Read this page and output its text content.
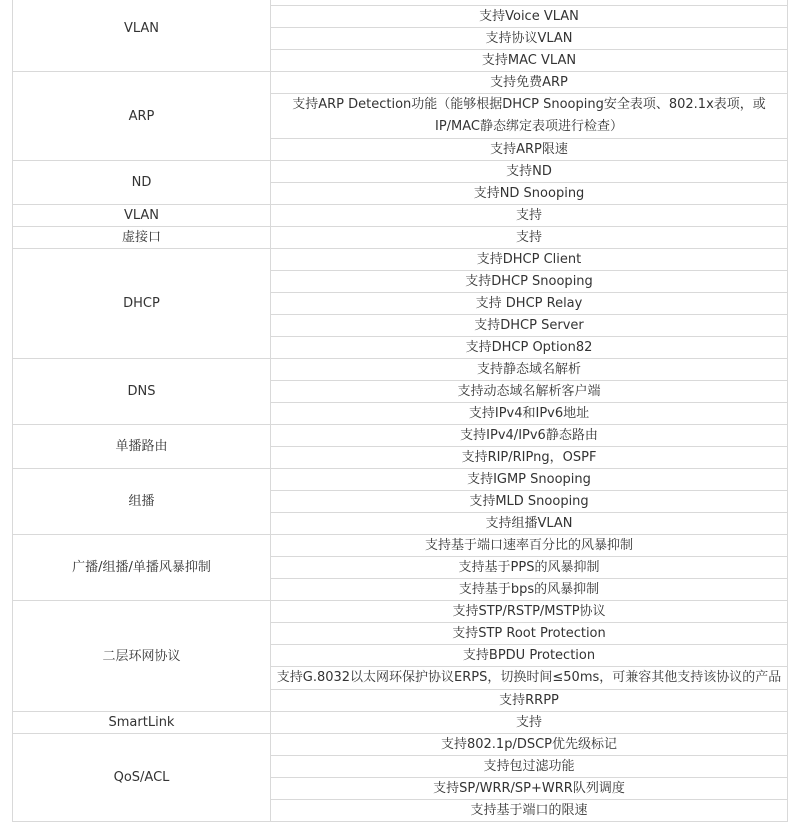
VLAN	
	支持Voice VLAN
	支持协议VLAN
	支持MAC VLAN
ARP	支持免费ARP
	支持ARP Detection功能（能够根据DHCP Snooping安全表项、802.1x表项，或IP/MAC静态绑定表项进行检查）
	支持ARP限速
ND	支持ND
	支持ND Snooping
VLAN	支持
虚接口	支持
DHCP	支持DHCP Client
	支持DHCP Snooping
	支持 DHCP Relay
	支持DHCP Server
	支持DHCP Option82
DNS	支持静态域名解析
	支持动态域名解析客户端
	支持IPv4和IPv6地址
单播路由	支持IPv4/IPv6静态路由
	支持RIP/RIPng，OSPF
组播	支持IGMP Snooping
	支持MLD Snooping
	支持组播VLAN
广播/组播/单播风暴抑制	支持基于端口速率百分比的风暴抑制
	支持基于PPS的风暴抑制
	支持基于bps的风暴抑制
二层环网协议	支持STP/RSTP/MSTP协议
	支持STP Root Protection
	支持BPDU Protection
	支持G.8032以太网环保护协议ERPS，切换时间≤50ms，可兼容其他支持该协议的产品
	支持RRPP
SmartLink	支持
QoS/ACL	支持802.1p/DSCP优先级标记
	支持包过滤功能
	支持SP/WRR/SP+WRR队列调度
	支持基于端口的限速
